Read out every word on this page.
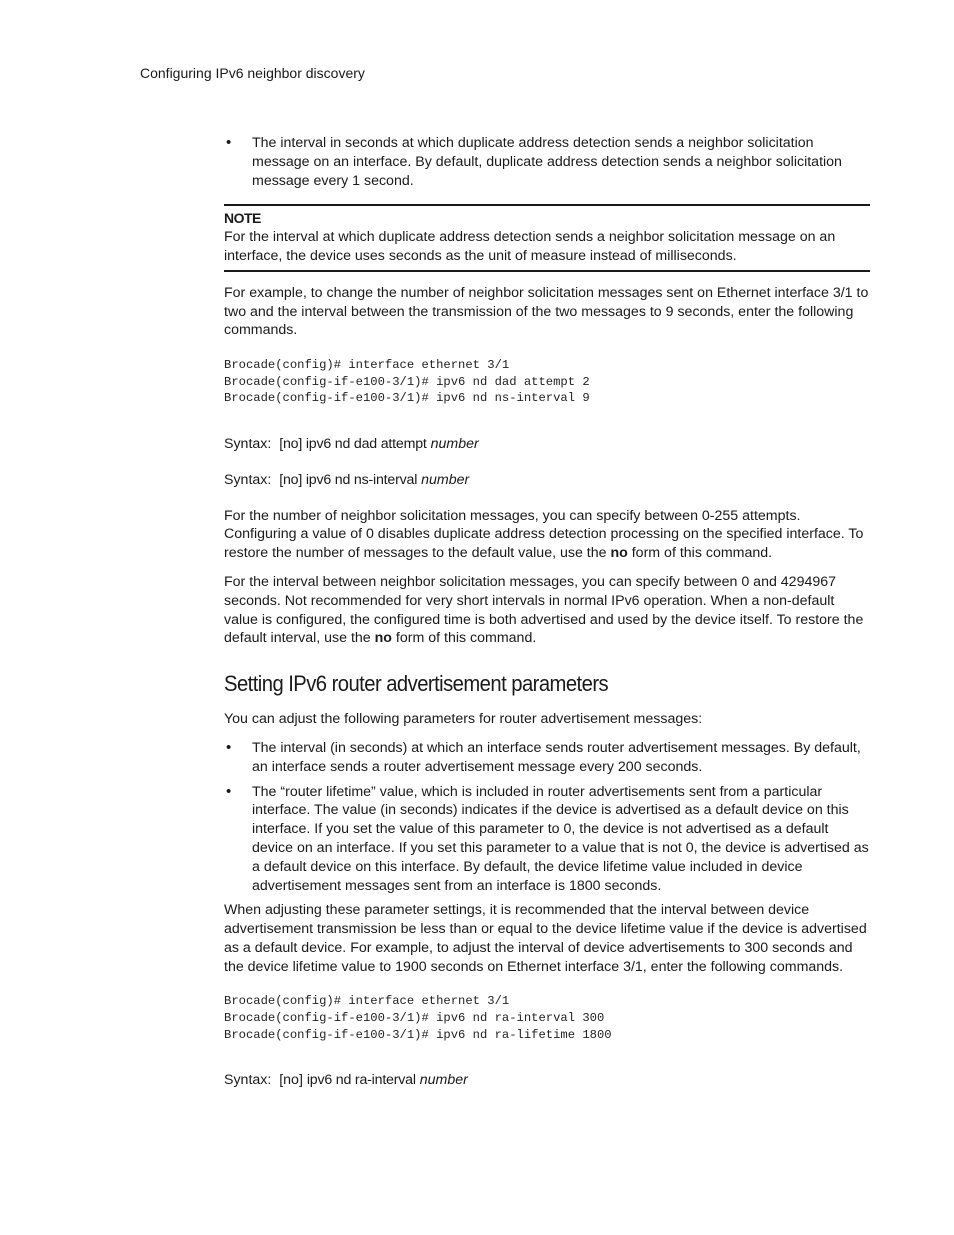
Configuring IPv6 neighbor discovery
• The interval in seconds at which duplicate address detection sends a neighbor solicitation message on an interface. By default, duplicate address detection sends a neighbor solicitation message every 1 second.
NOTE
For the interval at which duplicate address detection sends a neighbor solicitation message on an interface, the device uses seconds as the unit of measure instead of milliseconds.

For example, to change the number of neighbor solicitation messages sent on Ethernet interface 3/1 to two and the interval between the transmission of the two messages to 9 seconds, enter the following commands.

Brocade(config)# interface ethernet 3/1
Brocade(config-if-e100-3/1)# ipv6 nd dad attempt 2
Brocade(config-if-e100-3/1)# ipv6 nd ns-interval 9
Syntax: [no] ipv6 nd dad attempt number
Syntax: [no] ipv6 nd ns-interval number

For the number of neighbor solicitation messages, you can specify between 0-255 attempts. Configuring a value of 0 disables duplicate address detection processing on the specified interface. To restore the number of messages to the default value, use the no form of this command.

For the interval between neighbor solicitation messages, you can specify between 0 and 4294967 seconds. Not recommended for very short intervals in normal IPv6 operation. When a non-default value is configured, the configured time is both advertised and used by the device itself. To restore the default interval, use the no form of this command.

Setting IPv6 router advertisement parameters

You can adjust the following parameters for router advertisement messages:

• The interval (in seconds) at which an interface sends router advertisement messages. By default, an interface sends a router advertisement message every 200 seconds.
• The “router lifetime” value, which is included in router advertisements sent from a particular interface. The value (in seconds) indicates if the device is advertised as a default device on this interface. If you set the value of this parameter to 0, the device is not advertised as a default device on an interface. If you set this parameter to a value that is not 0, the device is advertised as a default device on this interface. By default, the device lifetime value included in device advertisement messages sent from an interface is 1800 seconds.

When adjusting these parameter settings, it is recommended that the interval between device advertisement transmission be less than or equal to the device lifetime value if the device is advertised as a default device. For example, to adjust the interval of device advertisements to 300 seconds and the device lifetime value to 1900 seconds on Ethernet interface 3/1, enter the following commands.

Brocade(config)# interface ethernet 3/1
Brocade(config-if-e100-3/1)# ipv6 nd ra-interval 300
Brocade(config-if-e100-3/1)# ipv6 nd ra-lifetime 1800
Syntax: [no] ipv6 nd ra-interval number
